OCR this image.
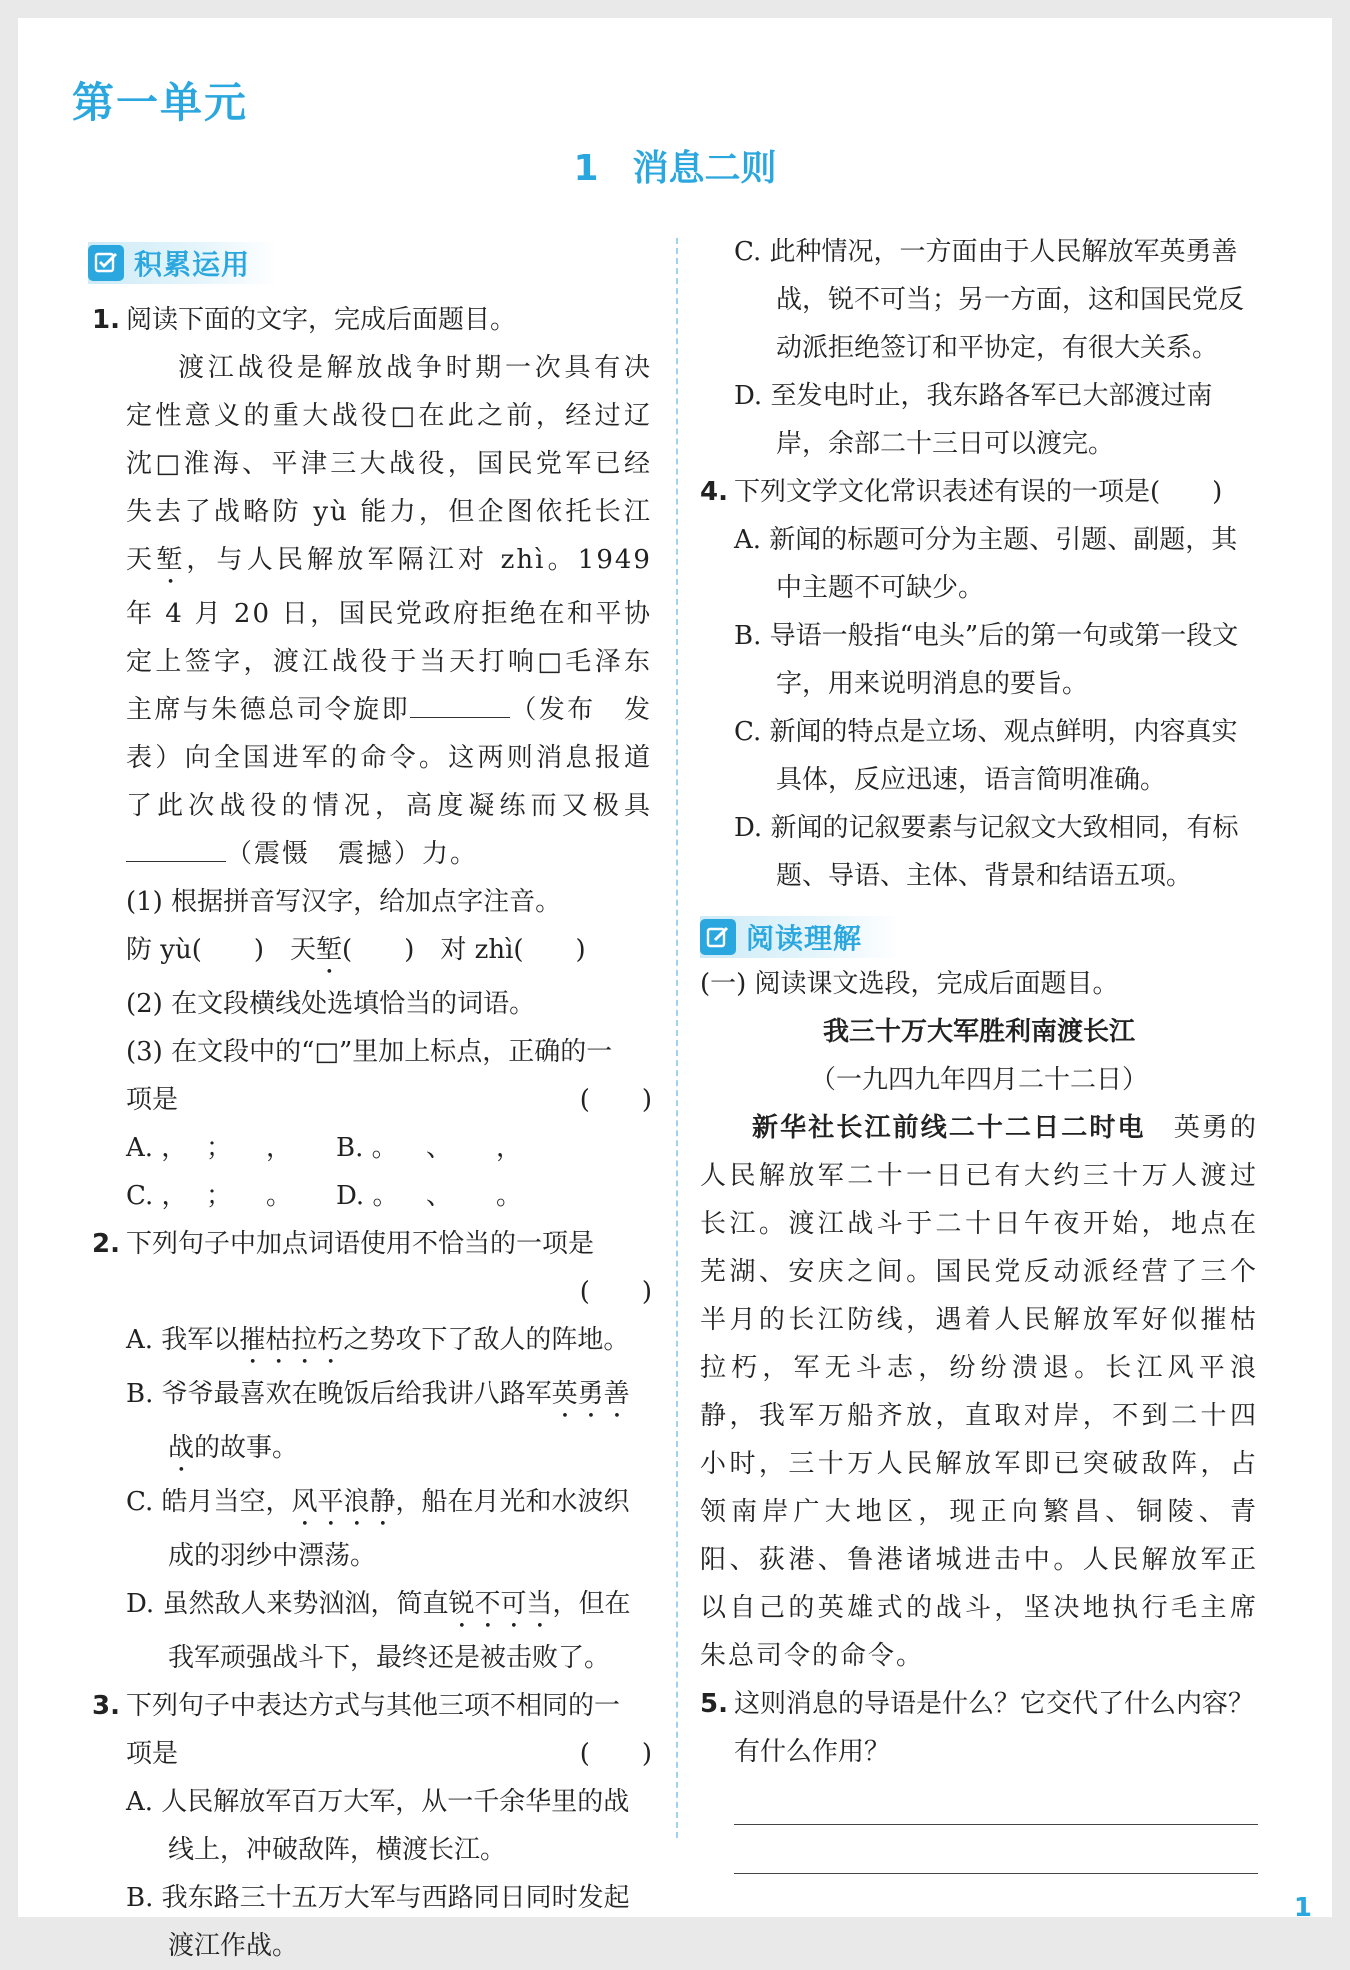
第一单元
1 消息二则
积累运用

1. 阅读下面的文字，完成后面题目。

渡江战役是解放战争时期一次具有决定性意义的重大战役□在此之前，经过辽沈□淮海、平津三大战役，国民党军已经失去了战略防 yù 能力，但企图依托长江天堑，与人民解放军隔江对 zhì。1949 年 4 月 20 日，国民党政府拒绝在和平协定上签字，渡江战役于当天打响□毛泽东主席与朱德总司令旋即	（发布　发表）向全国进军的命令。这两则消息报道了此次战役的情况，高度凝练而又极具（震慑　震撼）力。

(1) 根据拼音写汉字，给加点字注音。

防 yù(　　)　 天堑(　　)　 对 zhì(　　)

(2) 在文段横线处选填恰当的词语。

(3) 在文段中的“□”里加上标点，正确的一

项是	(　　)

A. ， ；	，	B. 。	、	，
C. ， ；	。	D. 。	、	。

2. 下列句子中加点词语使用不恰当的一项是

(　　)

A. 我军以摧枯拉朽之势攻下了敌人的阵地。

B. 爷爷最喜欢在晚饭后给我讲八路军英勇善战的故事。

C. 皓月当空，风平浪静，船在月光和水波织成的羽纱中漂荡。

D. 虽然敌人来势汹汹，简直锐不可当，但在我军顽强战斗下，最终还是被击败了。

3. 下列句子中表达方式与其他三项不相同的一

项是	(　　)

A. 人民解放军百万大军，从一千余华里的战线上，冲破敌阵，横渡长江。

B. 我东路三十五万大军与西路同日同时发起渡江作战。

C. 此种情况，一方面由于人民解放军英勇善战，锐不可当；另一方面，这和国民党反动派拒绝签订和平协定，有很大关系。

D. 至发电时止，我东路各军已大部渡过南岸，余部二十三日可以渡完。

4. 下列文学文化常识表述有误的一项是(　　)

A. 新闻的标题可分为主题、引题、副题，其中主题不可缺少。

B. 导语一般指“电头”后的第一句或第一段文字，用来说明消息的要旨。

C. 新闻的特点是立场、观点鲜明，内容真实具体，反应迅速，语言简明准确。

D. 新闻的记叙要素与记叙文大致相同，有标题、导语、主体、背景和结语五项。

(一) 阅读课文选段，完成后面题目。

我三十万大军胜利南渡长江

（一九四九年四月二十二日）

新华社长江前线二十二日二时电　 英勇的人民解放军二十一日已有大约三十万人渡过长江。渡江战斗于二十日午夜开始，地点在芜湖、安庆之间。国民党反动派经营了三个半月的长江防线，遇着人民解放军好似摧枯拉朽，军无斗志，纷纷溃退。长江风平浪静，我军万船齐放，直取对岸，不到二十四小时，三十万人民解放军即已突破敌阵，占领南岸广大地区，现正向繁昌、铜陵、青阳、荻港、鲁港诸城进击中。人民解放军正以自己的英雄式的战斗，坚决地执行毛主席朱总司令的命令。

5. 这则消息的导语是什么？它交代了什么内容？有什么作用？

阅读理解
1
